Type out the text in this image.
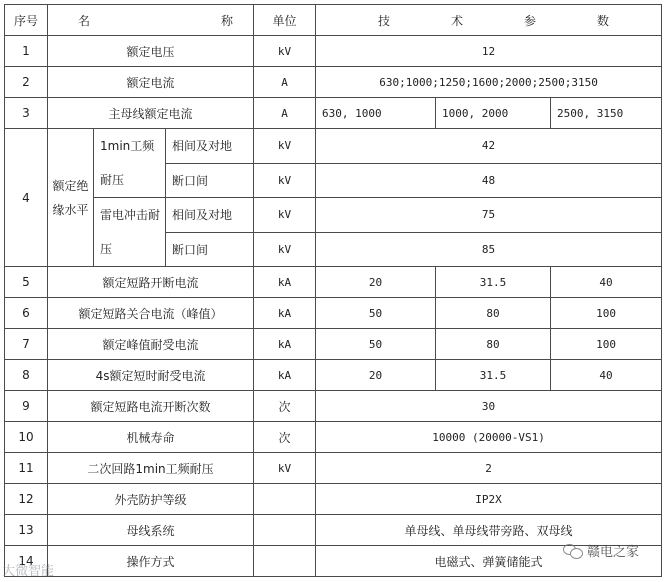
序号	名 称			单位	技 术 参 数		

1	额定电压			kV	12		
2	额定电流			A	630;1000;1250;1600;2000;2500;3150		
3	主母线额定电流			A	630, 1000	1000, 2000	2500, 3150
4	额定绝缘水平	1min工频耐压	相间及对地	kV	42		
			断口间	kV	48		
		雷电冲击耐压	相间及对地	kV	75		
			断口间	kV	85		
5	额定短路开断电流			kA	20	31.5	40
6	额定短路关合电流（峰值）			kA	50	80	100
7	额定峰值耐受电流			kA	50	80	100
8	4s额定短时耐受电流			kA	20	31.5	40
9	额定短路电流开断次数			次	30		
10	机械寿命			次	10000 (20000-VS1)		
11	二次回路1min工频耐压			kV	2		
12	外壳防护等级				IP2X		
13	母线系统				单母线、单母线带旁路、双母线		
14	操作方式				电磁式、弹簧储能式		
大微智能
赣电之家
